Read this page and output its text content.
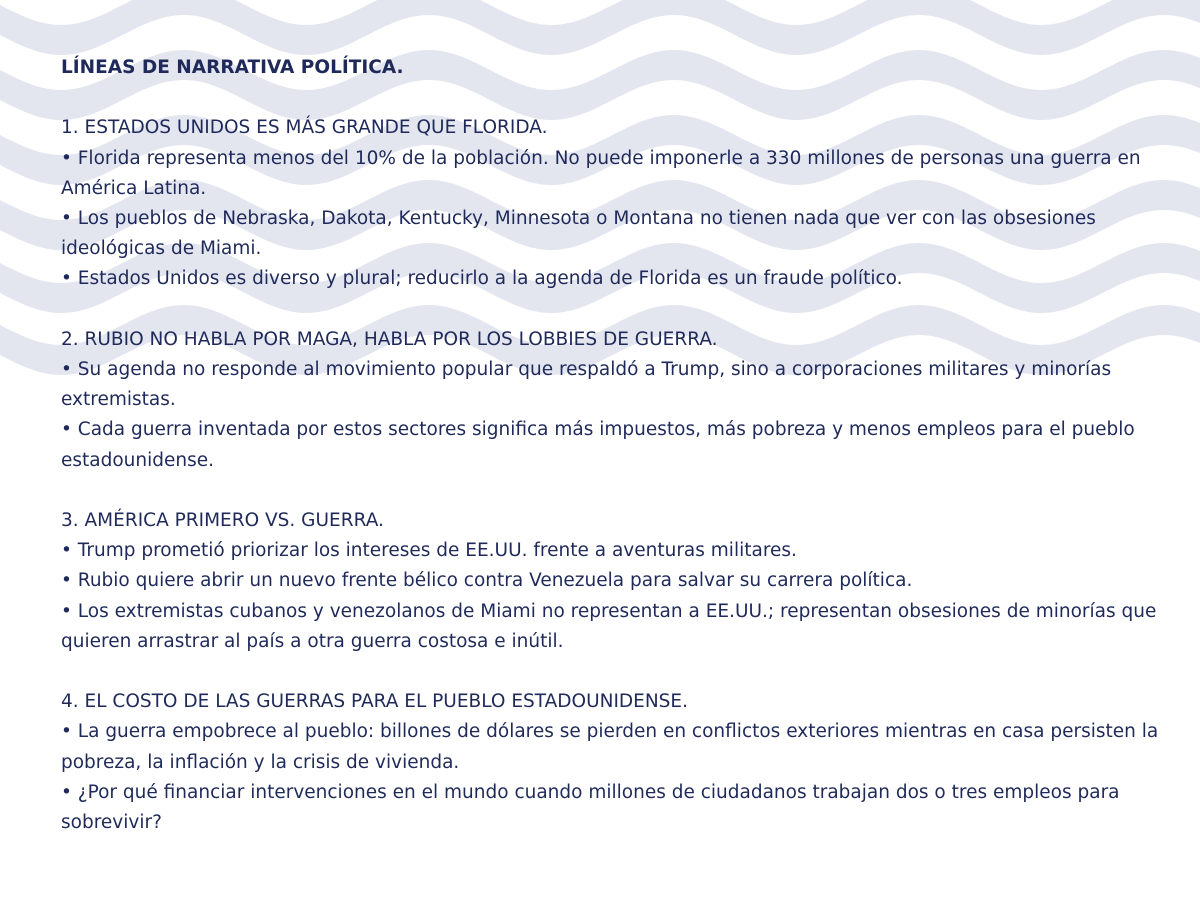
LÍNEAS DE NARRATIVA POLÍTICA.

1. ESTADOS UNIDOS ES MÁS GRANDE QUE FLORIDA.

• Florida representa menos del 10% de la población. No puede imponerle a 330 millones de personas una guerra en América Latina.

• Los pueblos de Nebraska, Dakota, Kentucky, Minnesota o Montana no tienen nada que ver con las obsesiones ideológicas de Miami.

• Estados Unidos es diverso y plural; reducirlo a la agenda de Florida es un fraude político.

2. RUBIO NO HABLA POR MAGA, HABLA POR LOS LOBBIES DE GUERRA.

• Su agenda no responde al movimiento popular que respaldó a Trump, sino a corporaciones militares y minorías extremistas.

• Cada guerra inventada por estos sectores significa más impuestos, más pobreza y menos empleos para el pueblo estadounidense.

3. AMÉRICA PRIMERO VS. GUERRA.

• Trump prometió priorizar los intereses de EE.UU. frente a aventuras militares.

• Rubio quiere abrir un nuevo frente bélico contra Venezuela para salvar su carrera política.

• Los extremistas cubanos y venezolanos de Miami no representan a EE.UU.; representan obsesiones de minorías que quieren arrastrar al país a otra guerra costosa e inútil.

4. EL COSTO DE LAS GUERRAS PARA EL PUEBLO ESTADOUNIDENSE.

• La guerra empobrece al pueblo: billones de dólares se pierden en conflictos exteriores mientras en casa persisten la pobreza, la inflación y la crisis de vivienda.

• ¿Por qué financiar intervenciones en el mundo cuando millones de ciudadanos trabajan dos o tres empleos para sobrevivir?
